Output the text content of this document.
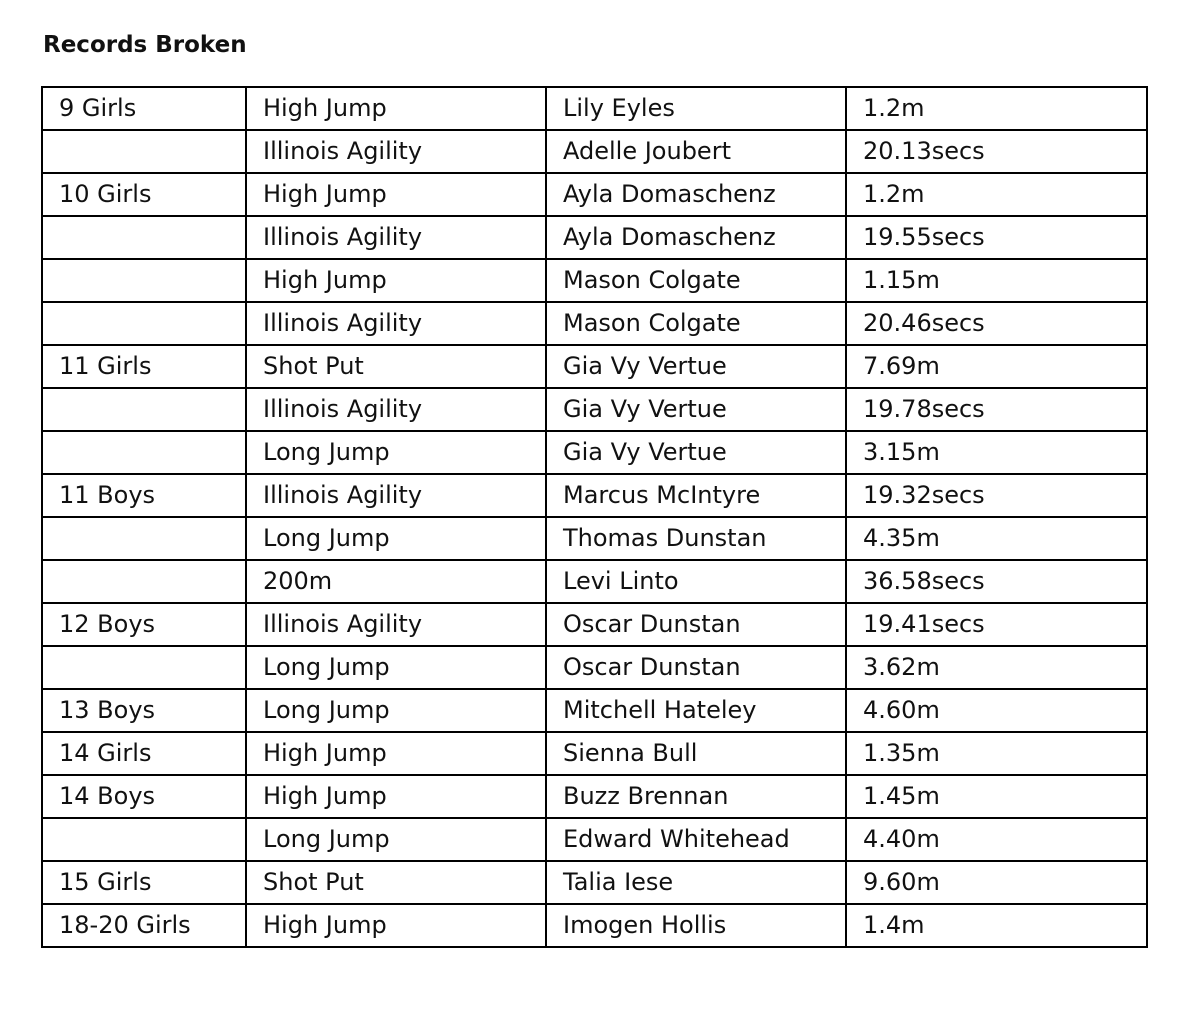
Records Broken
9 Girls	High Jump	Lily Eyles	1.2m
	Illinois Agility	Adelle Joubert	20.13secs
10 Girls	High Jump	Ayla Domaschenz	1.2m
	Illinois Agility	Ayla Domaschenz	19.55secs
	High Jump	Mason Colgate	1.15m
	Illinois Agility	Mason Colgate	20.46secs
11 Girls	Shot Put	Gia Vy Vertue	7.69m
	Illinois Agility	Gia Vy Vertue	19.78secs
	Long Jump	Gia Vy Vertue	3.15m
11 Boys	Illinois Agility	Marcus McIntyre	19.32secs
	Long Jump	Thomas Dunstan	4.35m
	200m	Levi Linto	36.58secs
12 Boys	Illinois Agility	Oscar Dunstan	19.41secs
	Long Jump	Oscar Dunstan	3.62m
13 Boys	Long Jump	Mitchell Hateley	4.60m
14 Girls	High Jump	Sienna Bull	1.35m
14 Boys	High Jump	Buzz Brennan	1.45m
	Long Jump	Edward Whitehead	4.40m
15 Girls	Shot Put	Talia Iese	9.60m
18-20 Girls	High Jump	Imogen Hollis	1.4m
